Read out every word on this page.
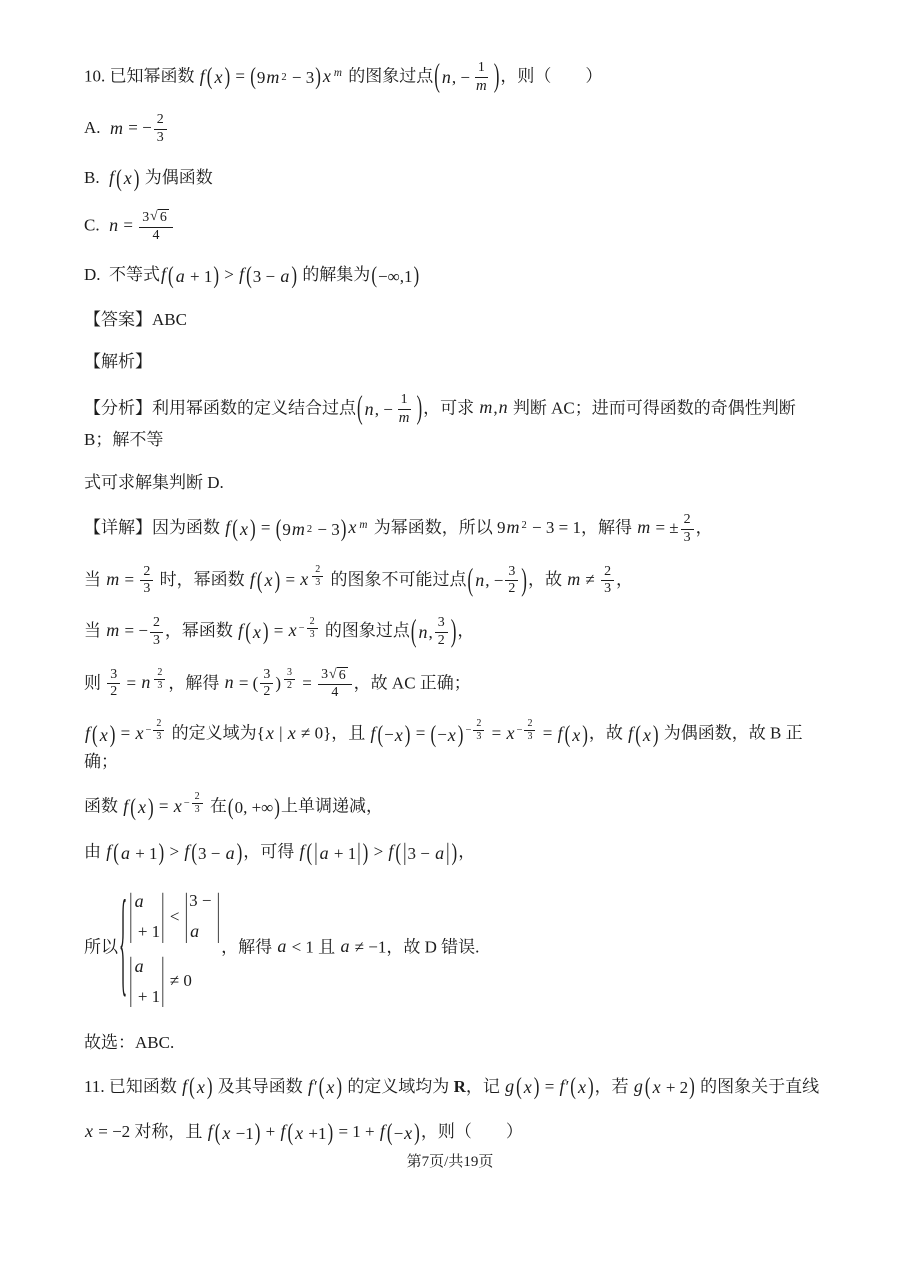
10. 已知幂函数 f ( x ) = ( 9 m 2 − 3 ) x m 的图象过点 ( n , − $\frac{1}{m}$ ) ，则（　　）
A.  m = − $\frac{2}{3}$
B.  f ( x ) 为偶函数
C.  $n = \frac{3 √ 6}{4}$
D.  不等式f ( a + 1 ) > f ( 3 − a ) 的解集为 ( −∞,1 )
【答案】ABC
【解析】
【分析】利用幂函数的定义结合过点 ( n , − $\frac{1}{m}$ ) ，可求 m,n 判断 AC；进而可得函数的奇偶性判断 B；解不等
式可求解集判断 D.
【详解】因为函数 f ( x ) = ( 9 m 2 − 3 ) x m 为幂函数，所以 9m 2 − 3 = 1，解得 m = ± $\frac{2}{3}$ ，
当 $m = \frac{2}{3}$ 时，幂函数 f ( x ) = x $\frac{2}{3}$ 的图象不可能过点 ( n , − $\frac{3}{2}$ ) ，故 $m \ne \frac{2}{3}$ ，
当 m = − $\frac{2}{3}$ ，幂函数 f ( x ) = $x - \frac{2}{3}$ 的图象过点 ( n , $\frac{3}{2}$ ) ，
则 $\frac{3}{2} = n \frac{2}{3}$ ，解得 n = ( $\frac{3}{2}$ ) $\frac{3}{2} = \frac{3 √ 6}{4}$ ，故 AC 正确；
f ( x ) = $x - \frac{2}{3}$ 的定义域为{x | x ≠ 0}，且 f ( − x ) = ( − x ) − $\frac{2}{3} = x - \frac{2}{3} = f$ ( x ) ，故 f ( x ) 为偶函数，故 B 正确；
函数 f ( x ) = $x - \frac{2}{3}$ 在 ( 0, +∞ ) 上单调递减，
由 f ( a + 1 ) > f ( 3 − a ) ，可得 f ( | a + 1 | ) > f ( | 3 − a | ) ，
所以 { | a
+ 1 | < | 3 −
a |
| a
+ 1 | ≠ 0
，解得 a < 1 且 a ≠ −1，故 D 错误.
故选：ABC.
11. 已知函数 f ( x ) 及其导函数 f′ ( x ) 的定义域均为 R，记 g ( x ) = f′ ( x ) ，若 g ( x + 2 ) 的图象关于直线
x = −2 对称，且 f ( x −1 ) + f ( x +1 ) = 1 + f ( − x ) ，则（　　）
第7页/共19页
